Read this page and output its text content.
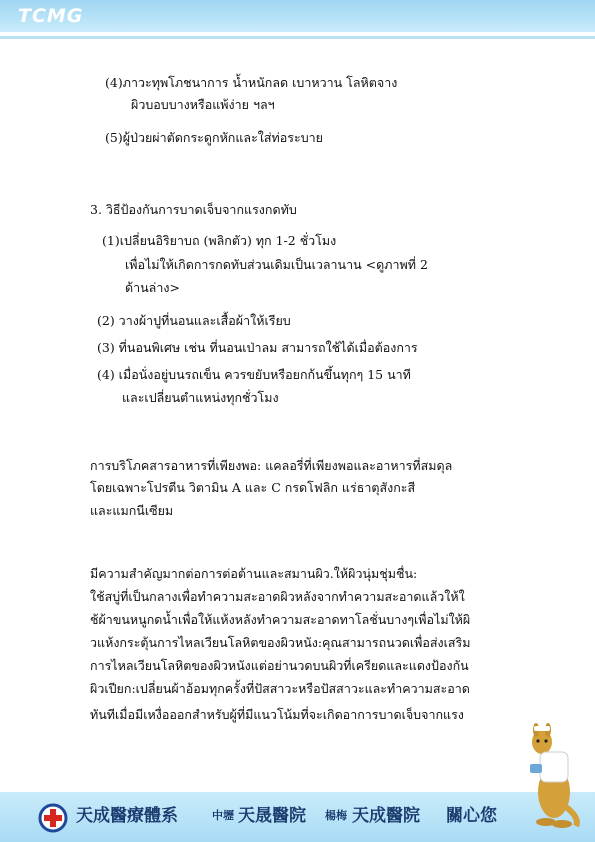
TCMG
(4)ภาวะทุพโภชนาการ น้ำหนักลด เบาหวาน โลหิตจาง
ผิวบอบบางหรือแพ้ง่าย ฯลฯ
(5)ผู้ป่วยผ่าตัดกระดูกหักและใส่ท่อระบาย
3. วิธีป้องกันการบาดเจ็บจากแรงกดทับ
(1)เปลี่ยนอิริยาบถ (พลิกตัว) ทุก 1-2 ชั่วโมง
เพื่อไม่ให้เกิดการกดทับส่วนเดิมเป็นเวลานาน <ดูภาพที่ 2
ด้านล่าง>
(2) วางผ้าปูที่นอนและเสื้อผ้าให้เรียบ
(3) ที่นอนพิเศษ เช่น ที่นอนเป่าลม สามารถใช้ได้เมื่อต้องการ
(4) เมื่อนั่งอยู่บนรถเข็น ควรขยับหรือยกก้นขึ้นทุกๆ 15 นาที
และเปลี่ยนตำแหน่งทุกชั่วโมง
การบริโภคสารอาหารที่เพียงพอ: แคลอรี่ที่เพียงพอและอาหารที่สมดุล
โดยเฉพาะโปรตีน วิตามิน A และ C กรดโฟลิก แร่ธาตุสังกะสี
และแมกนีเซียม
มีความสำคัญมากต่อการต่อต้านและสมานผิว.ให้ผิวนุ่มชุ่มชื่น:
ใช้สบู่ที่เป็นกลางเพื่อทำความสะอาดผิวหลังจากทำความสะอาดแล้วให้ใ
ช้ผ้าขนหนูกดน้ำเพื่อให้แห้งหลังทำความสะอาดทาโลชั่นบางๆเพื่อไม่ให้ผิ
วแห้งกระตุ้นการไหลเวียนโลหิตของผิวหนัง:คุณสามารถนวดเพื่อส่งเสริม
การไหลเวียนโลหิตของผิวหนังแต่อย่านวดบนผิวที่เครียดและแดงป้องกัน
ผิวเปียก:เปลี่ยนผ้าอ้อมทุกครั้งที่ปัสสาวะหรือปัสสาวะและทำความสะอาด
ทันทีเมื่อมีเหงื่อออกสำหรับผู้ที่มีแนวโน้มที่จะเกิดอาการบาดเจ็บจากแรง
天成醫療體系	中壢 天晟醫院 楊梅 天成醫院 關心您
